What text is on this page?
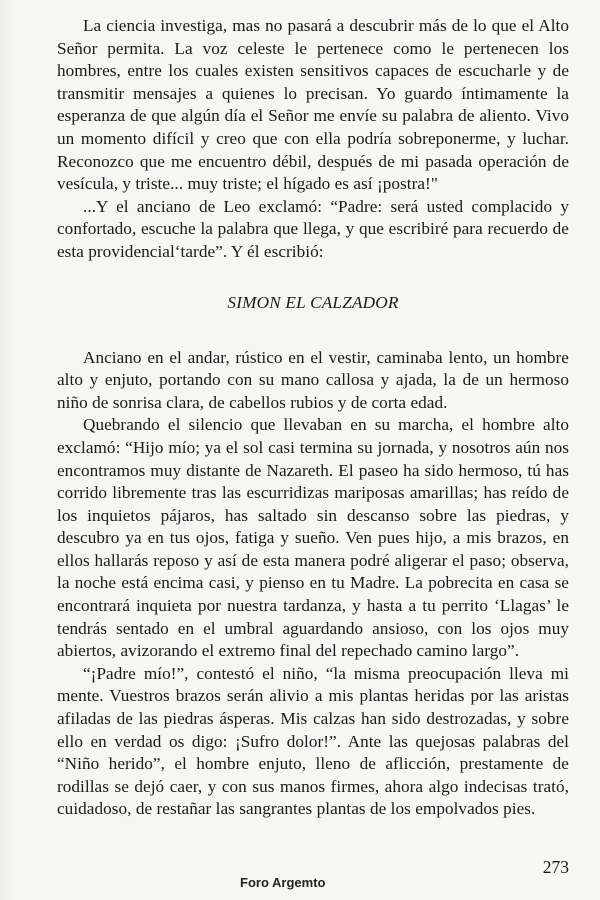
La ciencia investiga, mas no pasará a descubrir más de lo que el Alto Señor permita. La voz celeste le pertenece como le pertenecen los hombres, entre los cuales existen sensitivos capaces de escucharle y de transmitir mensajes a quienes lo precisan. Yo guardo íntimamente la esperanza de que algún día el Señor me envíe su palabra de aliento. Vivo un momento difícil y creo que con ella podría sobreponerme, y luchar. Reconozco que me encuentro débil, después de mi pasada operación de vesícula, y triste... muy triste; el hígado es así ¡postra!"

...Y el anciano de Leo exclamó: “Padre: será usted complacido y confortado, escuche la palabra que llega, y que escribiré para recuerdo de esta providencial‘tarde”. Y él escribió:

SIMON EL CALZADOR

Anciano en el andar, rústico en el vestir, caminaba lento, un hombre alto y enjuto, portando con su mano callosa y ajada, la de un hermoso niño de sonrisa clara, de cabellos rubios y de corta edad.

Quebrando el silencio que llevaban en su marcha, el hombre alto exclamó: “Hijo mío; ya el sol casi termina su jornada, y nosotros aún nos encontramos muy distante de Nazareth. El paseo ha sido hermoso, tú has corrido libremente tras las escurridizas mariposas amarillas; has reído de los inquietos pájaros, has saltado sin descanso sobre las piedras, y descubro ya en tus ojos, fatiga y sueño. Ven pues hijo, a mis brazos, en ellos hallarás reposo y así de esta manera podré aligerar el paso; observa, la noche está encima casi, y pienso en tu Madre. La pobrecita en casa se encontrará inquieta por nuestra tardanza, y hasta a tu perrito ‘Llagas’ le tendrás sentado en el umbral aguardando ansioso, con los ojos muy abiertos, avizorando el extremo final del repechado camino largo”.

“¡Padre mío!”, contestó el niño, “la misma preocupación lleva mi mente. Vuestros brazos serán alivio a mis plantas heridas por las aristas afiladas de las piedras ásperas. Mis calzas han sido destrozadas, y sobre ello en verdad os digo: ¡Sufro dolor!”. Ante las quejosas palabras del “Niño herido”, el hombre enjuto, lleno de aflicción, prestamente de rodillas se dejó caer, y con sus manos firmes, ahora algo indecisas trató, cuidadoso, de restañar las sangrantes plantas de los empolvados pies.

273
Foro Argemto
